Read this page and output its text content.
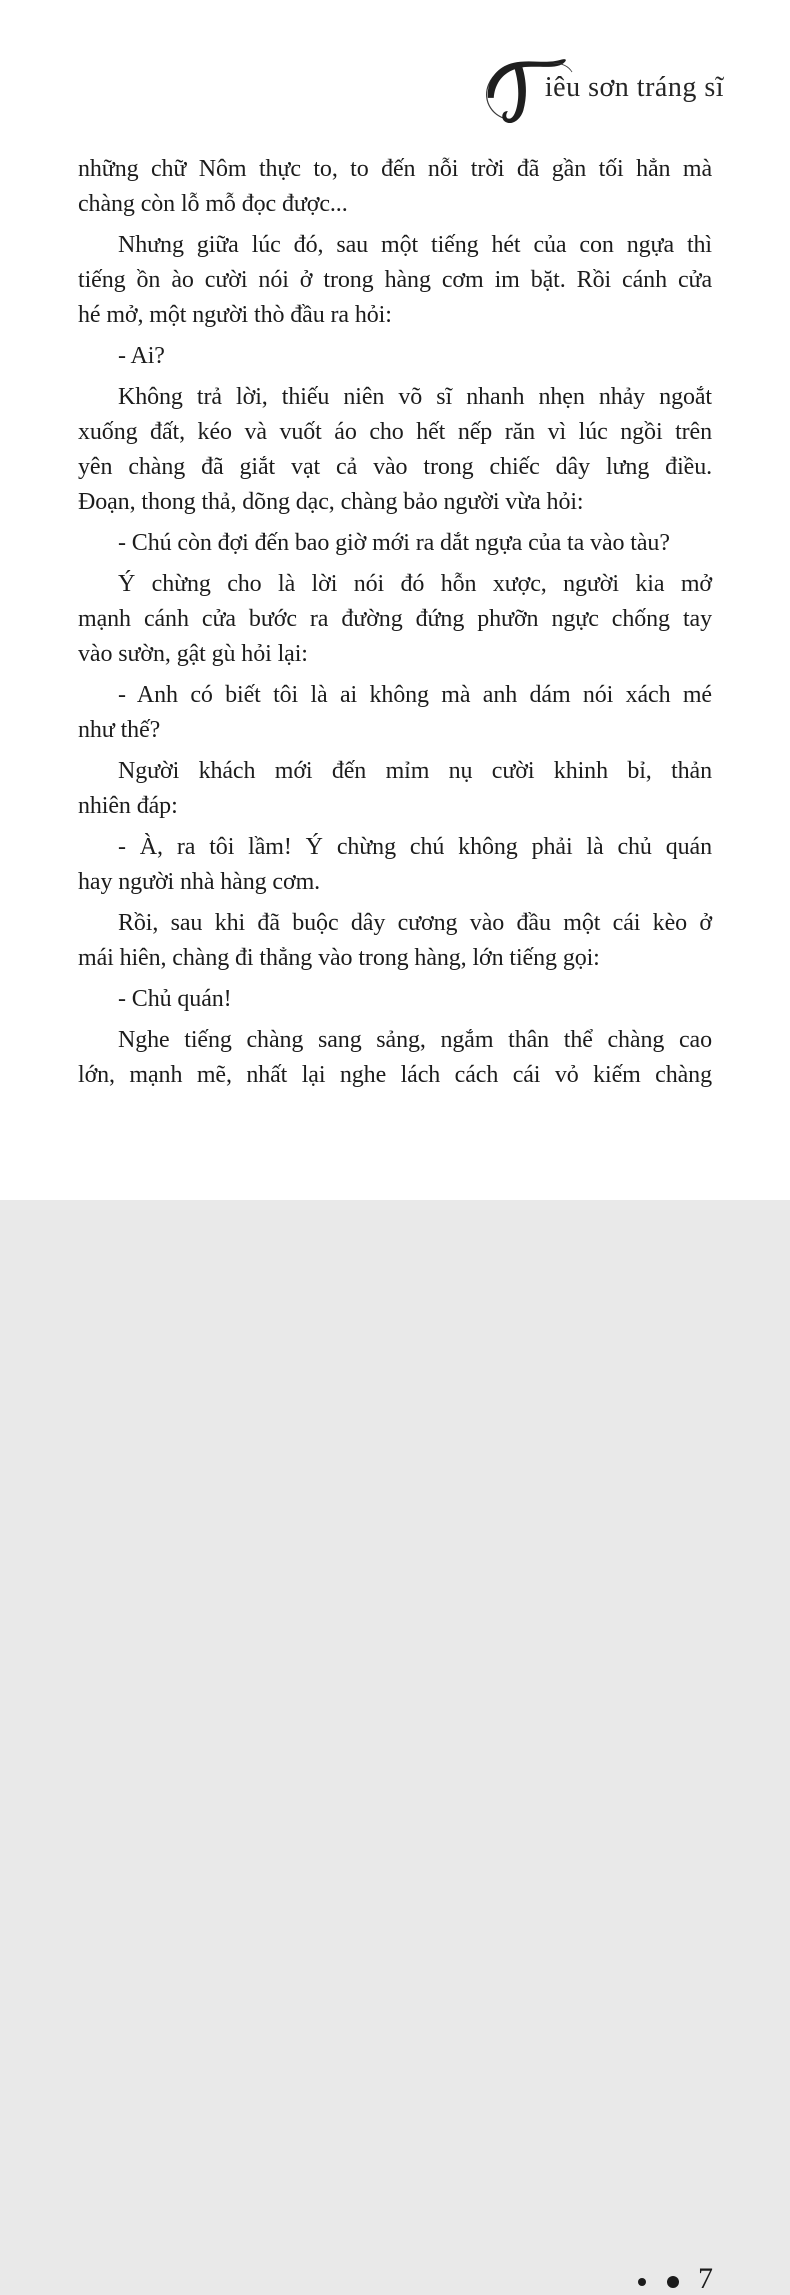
iêu sơn tráng sĩ
những chữ Nôm thực to, to đến nỗi trời đã gần tối hẳn mà
chàng còn lỗ mỗ đọc được...
Nhưng giữa lúc đó, sau một tiếng hét của con ngựa thì
tiếng ồn ào cười nói ở trong hàng cơm im bặt. Rồi cánh cửa
hé mở, một người thò đầu ra hỏi:
- Ai?
Không trả lời, thiếu niên võ sĩ nhanh nhẹn nhảy ngoắt
xuống đất, kéo và vuốt áo cho hết nếp răn vì lúc ngồi trên
yên chàng đã giắt vạt cả vào trong chiếc dây lưng điều.
Đoạn, thong thả, dõng dạc, chàng bảo người vừa hỏi:
- Chú còn đợi đến bao giờ mới ra dắt ngựa của ta vào tàu?
Ý chừng cho là lời nói đó hỗn xược, người kia mở
mạnh cánh cửa bước ra đường đứng phưỡn ngực chống tay
vào sườn, gật gù hỏi lại:
- Anh có biết tôi là ai không mà anh dám nói xách mé
như thế?
Người khách mới đến mỉm nụ cười khinh bỉ, thản
nhiên đáp:
- À, ra tôi lầm! Ý chừng chú không phải là chủ quán
hay người nhà hàng cơm.
Rồi, sau khi đã buộc dây cương vào đầu một cái kèo ở
mái hiên, chàng đi thẳng vào trong hàng, lớn tiếng gọi:
- Chủ quán!
Nghe tiếng chàng sang sảng, ngắm thân thể chàng cao
lớn, mạnh mẽ, nhất lại nghe lách cách cái vỏ kiếm chàng
7
